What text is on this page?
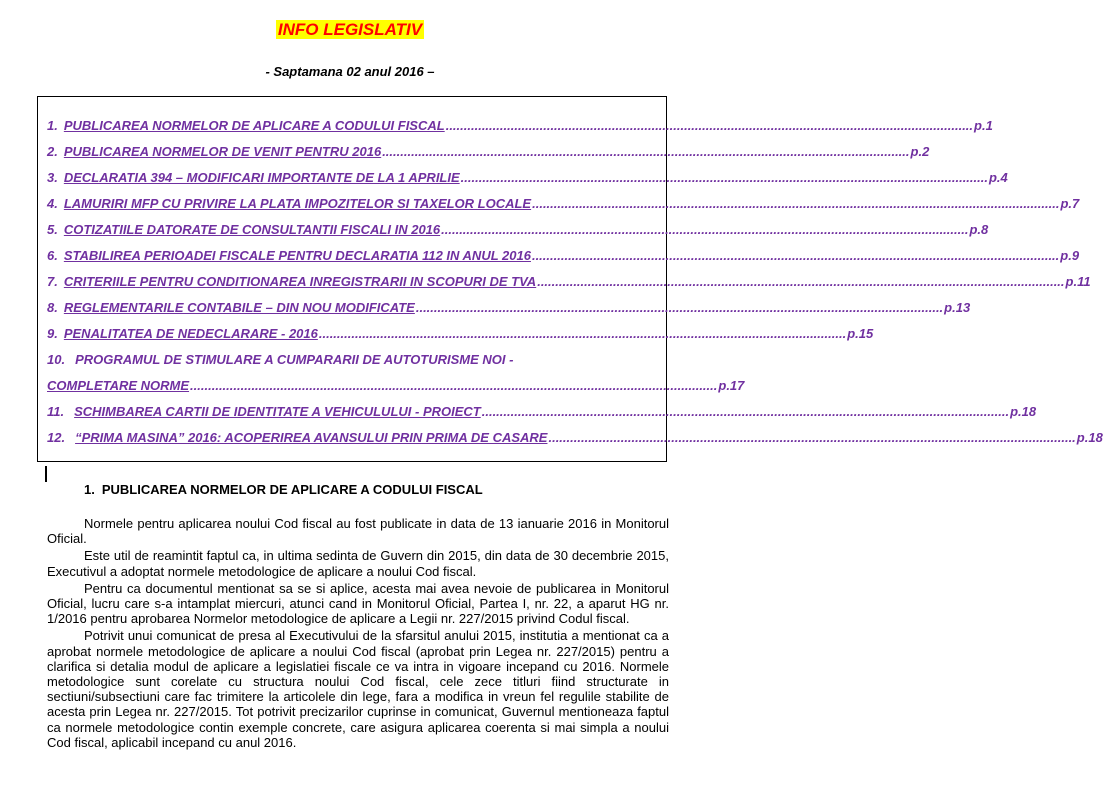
INFO LEGISLATIV
- Saptamana 02 anul 2016 –
1. PUBLICAREA NORMELOR DE APLICARE A CODULUI FISCAL .................................................................................................................................................. p.1
2. PUBLICAREA NORMELOR DE VENIT PENTRU 2016 .................................................................................................................................................. p.2
3. DECLARATIA 394 – MODIFICARI IMPORTANTE DE LA 1 APRILIE .................................................................................................................................................. p.4
4. LAMURIRI MFP CU PRIVIRE LA PLATA IMPOZITELOR SI TAXELOR LOCALE .................................................................................................................................................. p.7
5. COTIZATIILE DATORATE DE CONSULTANTII FISCALI IN 2016 .................................................................................................................................................. p.8
6. STABILIREA PERIOADEI FISCALE PENTRU DECLARATIA 112 IN ANUL 2016 .................................................................................................................................................. p.9
7. CRITERIILE PENTRU CONDITIONAREA INREGISTRARII IN SCOPURI DE TVA .................................................................................................................................................. p.11
8. REGLEMENTARILE CONTABILE – DIN NOU MODIFICATE .................................................................................................................................................. p.13
9. PENALITATEA DE NEDECLARARE - 2016 .................................................................................................................................................. p.15
10. PROGRAMUL DE STIMULARE A CUMPARARII DE AUTOTURISME NOI -
COMPLETARE NORME .................................................................................................................................................. p.17
11. SCHIMBAREA CARTII DE IDENTITATE A VEHICULULUI - PROIECT .................................................................................................................................................. p.18
12. “PRIMA MASINA” 2016: ACOPERIREA AVANSULUI PRIN PRIMA DE CASARE .................................................................................................................................................. p.18
1. PUBLICAREA NORMELOR DE APLICARE A CODULUI FISCAL

Normele pentru aplicarea noului Cod fiscal au fost publicate in data de 13 ianuarie 2016 in Monitorul Oficial.

Este util de reamintit faptul ca, in ultima sedinta de Guvern din 2015, din data de 30 decembrie 2015, Executivul a adoptat normele metodologice de aplicare a noului Cod fiscal.

Pentru ca documentul mentionat sa se si aplice, acesta mai avea nevoie de publicarea in Monitorul Oficial, lucru care s-a intamplat miercuri, atunci cand in Monitorul Oficial, Partea I, nr. 22, a aparut HG nr. 1/2016 pentru aprobarea Normelor metodologice de aplicare a Legii nr. 227/2015 privind Codul fiscal.

Potrivit unui comunicat de presa al Executivului de la sfarsitul anului 2015, institutia a mentionat ca a aprobat normele metodologice de aplicare a noului Cod fiscal (aprobat prin Legea nr. 227/2015) pentru a clarifica si detalia modul de aplicare a legislatiei fiscale ce va intra in vigoare incepand cu 2016. Normele metodologice sunt corelate cu structura noului Cod fiscal, cele zece titluri fiind structurate in sectiuni/subsectiuni care fac trimitere la articolele din lege, fara a modifica in vreun fel regulile stabilite de acesta prin Legea nr. 227/2015. Tot potrivit precizarilor cuprinse in comunicat, Guvernul mentioneaza faptul ca normele metodologice contin exemple concrete, care asigura aplicarea coerenta si mai simpla a noului Cod fiscal, aplicabil incepand cu anul 2016.
